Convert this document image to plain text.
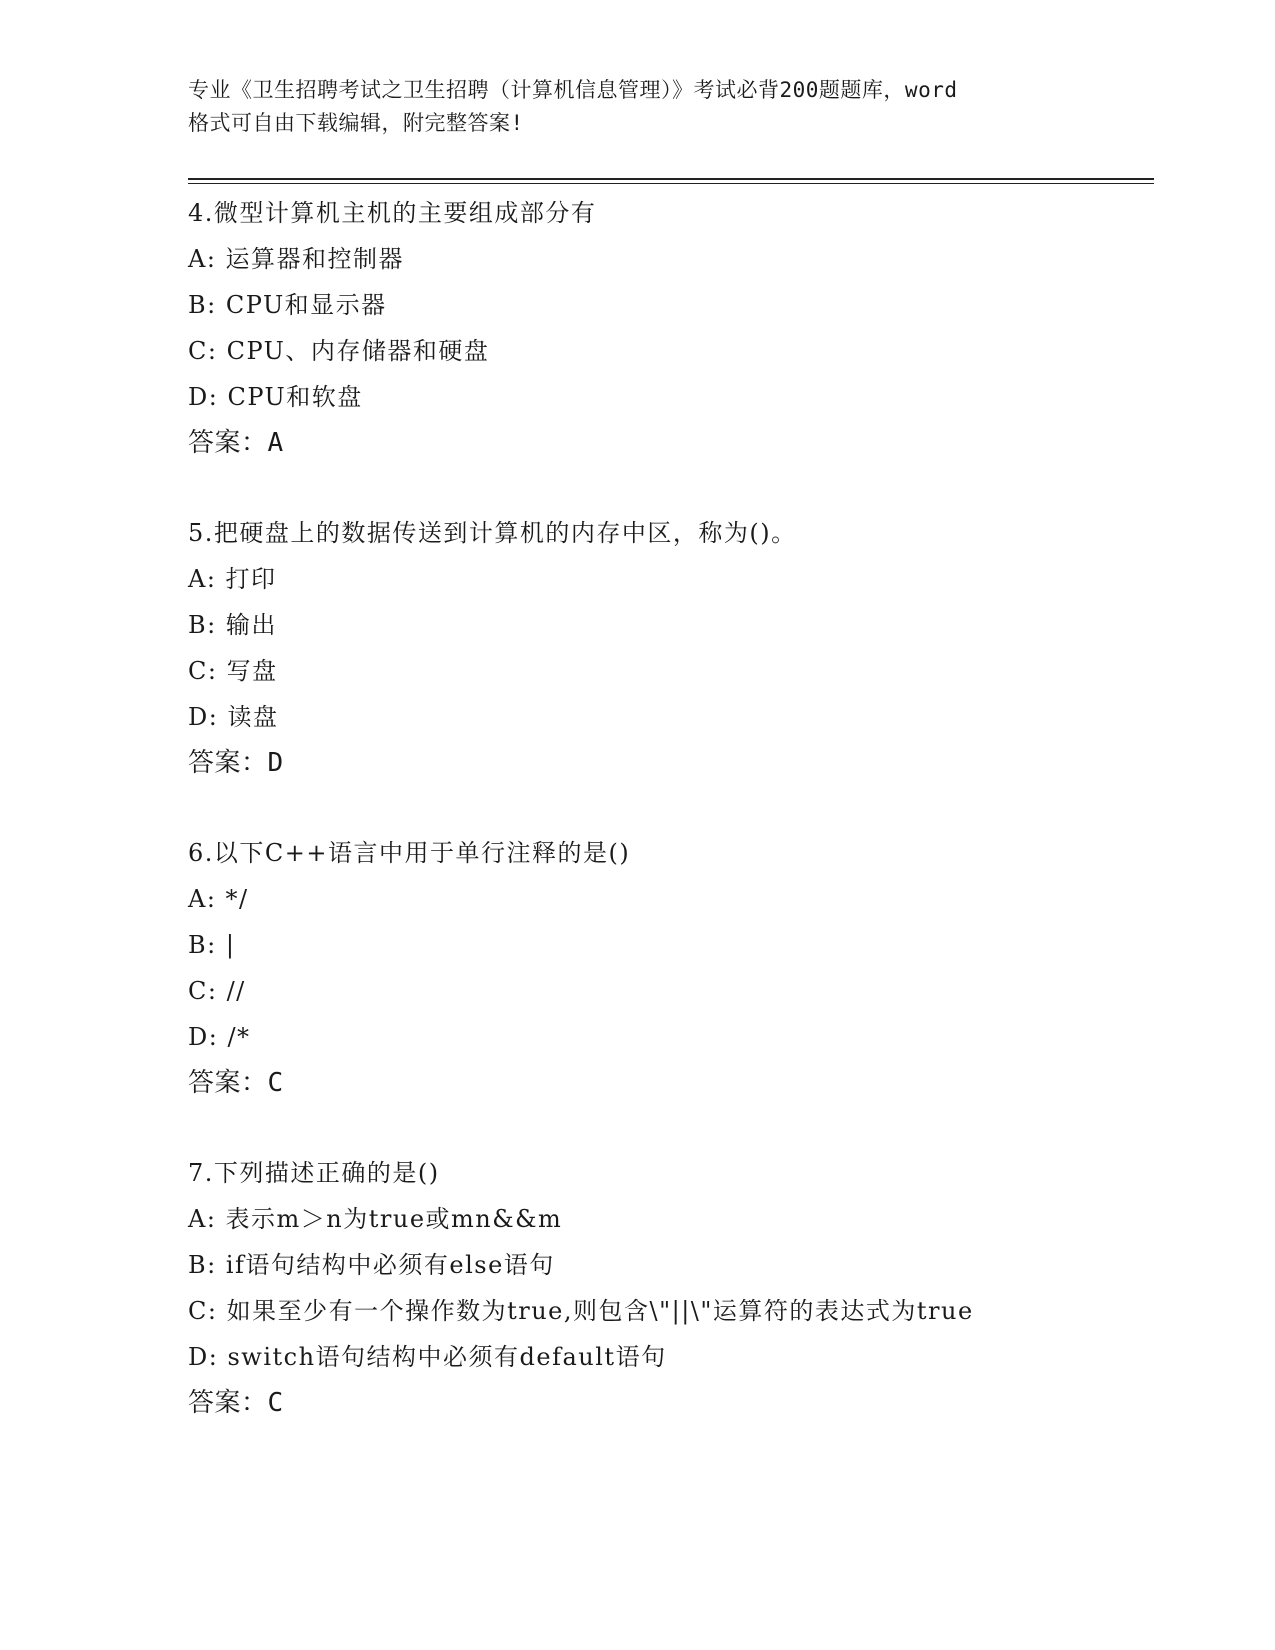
专业《卫生招聘考试之卫生招聘（计算机信息管理）》考试必背200题题库，word
格式可自由下载编辑，附完整答案!
4.微型计算机主机的主要组成部分有
A: 运算器和控制器
B: CPU和显示器
C: CPU、内存储器和硬盘
D: CPU和软盘
答案：A
5.把硬盘上的数据传送到计算机的内存中区，称为()。
A: 打印
B: 输出
C: 写盘
D: 读盘
答案：D
6.以下C++语言中用于单行注释的是()
A: */
B: |
C: //
D: /*
答案：C
7.下列描述正确的是()
A: 表示m＞n为true或mn&&m
B: if语句结构中必须有else语句
C: 如果至少有一个操作数为true,则包含\"||\"运算符的表达式为true
D: switch语句结构中必须有default语句
答案：C
